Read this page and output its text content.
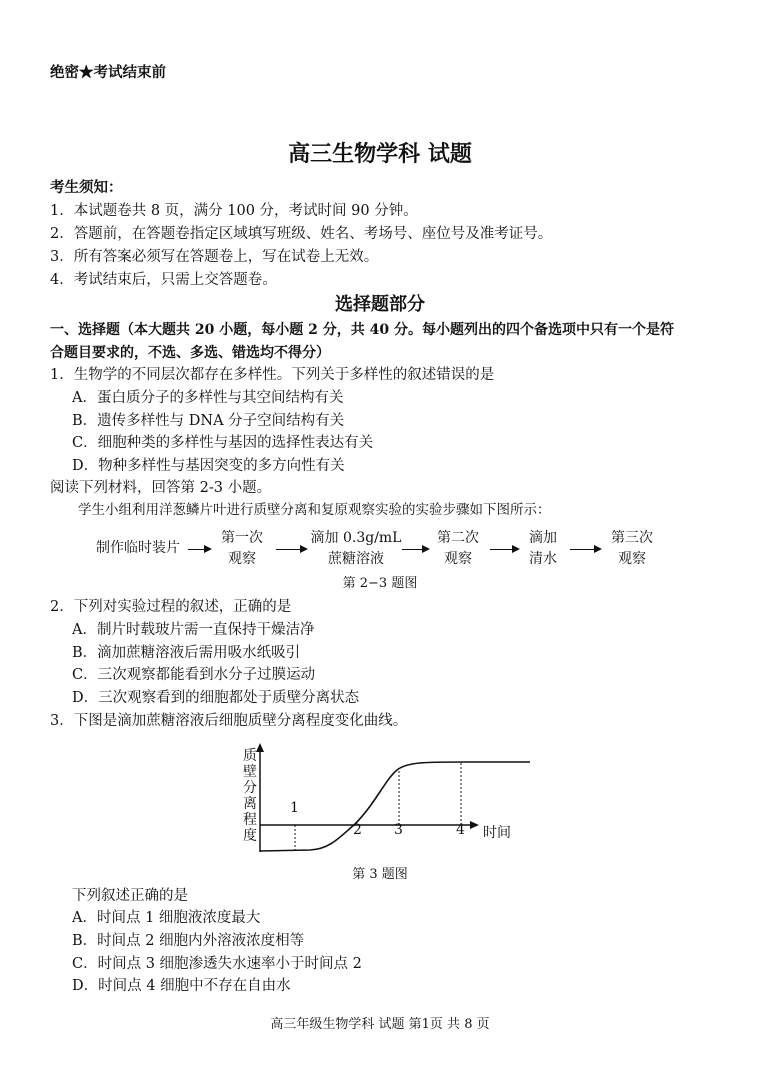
绝密★考试结束前
高三生物学科 试题
考生须知：
1．本试题卷共 8 页，满分 100 分，考试时间 90 分钟。
2．答题前，在答题卷指定区域填写班级、姓名、考场号、座位号及准考证号。
3．所有答案必须写在答题卷上，写在试卷上无效。
4．考试结束后，只需上交答题卷。
选择题部分
一、选择题（本大题共 20 小题，每小题 2 分，共 40 分。每小题列出的四个备选项中只有一个是符
合题目要求的，不选、多选、错选均不得分）
1．生物学的不同层次都存在多样性。下列关于多样性的叙述错误的是
A．蛋白质分子的多样性与其空间结构有关
B．遗传多样性与 DNA 分子空间结构有关
C．细胞种类的多样性与基因的选择性表达有关
D．物种多样性与基因突变的多方向性有关
阅读下列材料，回答第 2-3 小题。
学生小组利用洋葱鳞片叶进行质壁分离和复原观察实验的实验步骤如下图所示：
制作临时装片
第一次
观察
滴加 0.3g/mL
蔗糖溶液
第二次
观察
滴加
清水
第三次
观察
第 2−3 题图
2．下列对实验过程的叙述，正确的是
A．制片时载玻片需一直保持干燥洁净
B．滴加蔗糖溶液后需用吸水纸吸引
C．三次观察都能看到水分子过膜运动
D．三次观察看到的细胞都处于质壁分离状态
3．下图是滴加蔗糖溶液后细胞质壁分离程度变化曲线。
质
壁
分
离
程
度
1
2 3	4 时间
第 3 题图
下列叙述正确的是
A．时间点 1 细胞液浓度最大
B．时间点 2 细胞内外溶液浓度相等
C．时间点 3 细胞渗透失水速率小于时间点 2
D．时间点 4 细胞中不存在自由水
高三年级生物学科 试题 第1页 共 8 页
